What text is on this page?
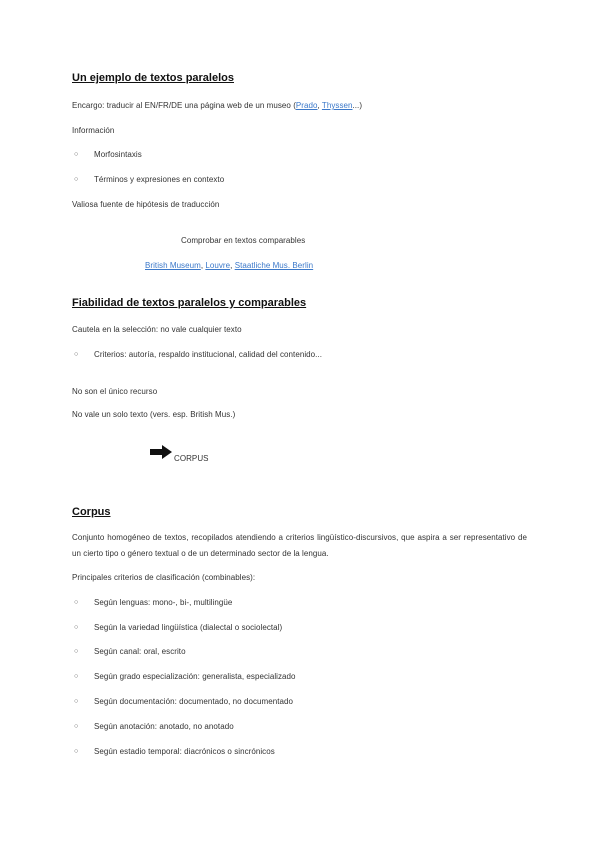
Un ejemplo de textos paralelos
Encargo: traducir al EN/FR/DE una página web de un museo (Prado, Thyssen...)
Información
○ Morfosintaxis
○ Términos y expresiones en contexto
Valiosa fuente de hipótesis de traducción
Comprobar en textos comparables
British Museum, Louvre, Staatliche Mus. Berlin
Fiabilidad de textos paralelos y comparables
Cautela en la selección: no vale cualquier texto
○ Criterios: autoría, respaldo institucional, calidad del contenido...
No son el único recurso
No vale un solo texto (vers. esp. British Mus.)
CORPUS
Corpus
Conjunto homogéneo de textos, recopilados atendiendo a criterios lingüístico-discursivos, que aspira a ser representativo de un cierto tipo o género textual o de un determinado sector de la lengua.
Principales criterios de clasificación (combinables):
○ Según lenguas: mono-, bi-, multilingüe
○ Según la variedad lingüística (dialectal o sociolectal)
○ Según canal: oral, escrito
○ Según grado especialización: generalista, especializado
○ Según documentación: documentado, no documentado
○ Según anotación: anotado, no anotado
○ Según estadio temporal: diacrónicos o sincrónicos
